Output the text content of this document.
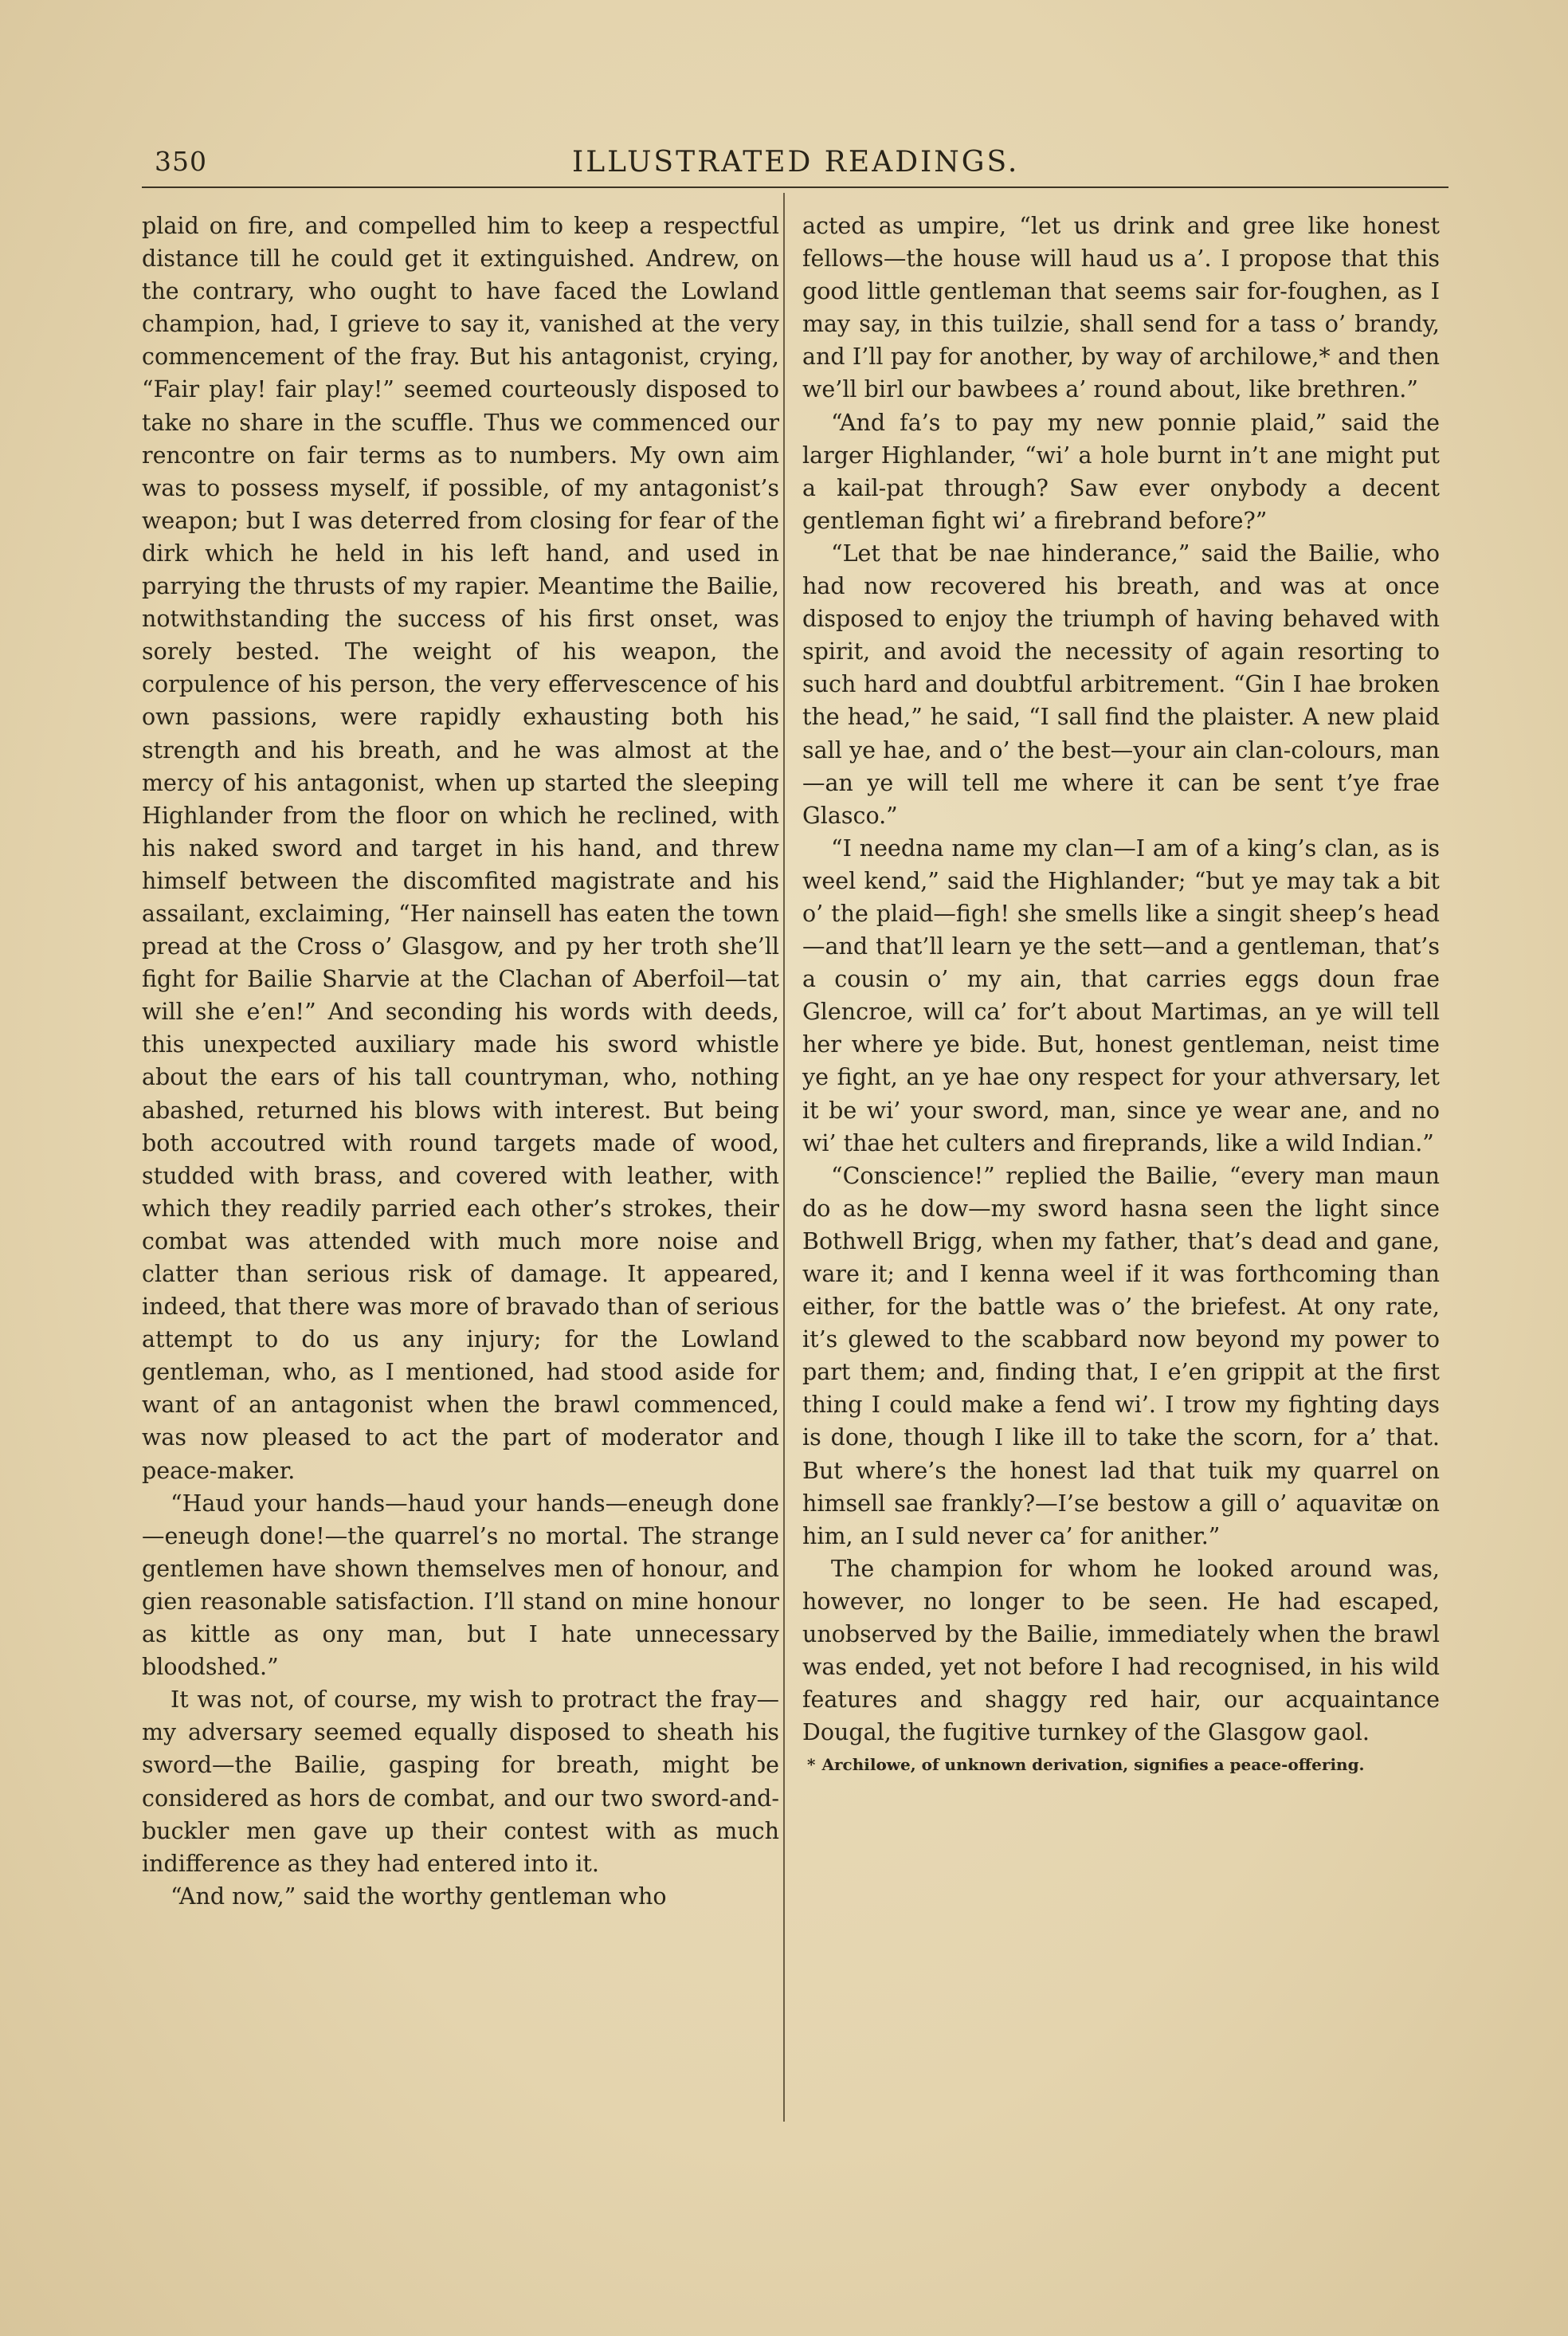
350	ILLUSTRATED READINGS.

plaid on fire, and compelled him to keep a respectful distance till he could get it extinguished. Andrew, on the contrary, who ought to have faced the Lowland champion, had, I grieve to say it, vanished at the very commencement of the fray. But his antagonist, crying, “Fair play! fair play!” seemed courteously disposed to take no share in the scuffle. Thus we commenced our rencontre on fair terms as to numbers. My own aim was to possess myself, if possible, of my antagonist’s weapon; but I was deterred from closing for fear of the dirk which he held in his left hand, and used in parrying the thrusts of my rapier. Meantime the Bailie, notwithstanding the success of his first onset, was sorely bested. The weight of his weapon, the corpulence of his person, the very effervescence of his own passions, were rapidly exhausting both his strength and his breath, and he was almost at the mercy of his antagonist, when up started the sleeping Highlander from the floor on which he reclined, with his naked sword and target in his hand, and threw himself between the discomfited magistrate and his assailant, exclaiming, “Her nainsell has eaten the town pread at the Cross o’ Glasgow, and py her troth she’ll fight for Bailie Sharvie at the Clachan of Aberfoil—tat will she e’en!” And seconding his words with deeds, this unexpected auxiliary made his sword whistle about the ears of his tall countryman, who, nothing abashed, returned his blows with interest. But being both accoutred with round targets made of wood, studded with brass, and covered with leather, with which they readily parried each other’s strokes, their combat was attended with much more noise and clatter than serious risk of damage. It appeared, indeed, that there was more of bravado than of serious attempt to do us any injury; for the Lowland gentleman, who, as I mentioned, had stood aside for want of an antagonist when the brawl commenced, was now pleased to act the part of moderator and peace-maker.

“Haud your hands—haud your hands—eneugh done—eneugh done!—the quarrel’s no mortal. The strange gentlemen have shown themselves men of honour, and gien reasonable satisfaction. I’ll stand on mine honour as kittle as ony man, but I hate unnecessary bloodshed.”

It was not, of course, my wish to protract the fray—my adversary seemed equally disposed to sheath his sword—the Bailie, gasping for breath, might be considered as hors de combat, and our two sword-and-buckler men gave up their contest with as much indifference as they had entered into it.

“And now,” said the worthy gentleman who

acted as umpire, “let us drink and gree like honest fellows—the house will haud us a’. I propose that this good little gentleman that seems sair for-foughen, as I may say, in this tuilzie, shall send for a tass o’ brandy, and I’ll pay for another, by way of archilowe,* and then we’ll birl our bawbees a’ round about, like brethren.”

“And fa’s to pay my new ponnie plaid,” said the larger Highlander, “wi’ a hole burnt in’t ane might put a kail-pat through? Saw ever onybody a decent gentleman fight wi’ a firebrand before?”

“Let that be nae hinderance,” said the Bailie, who had now recovered his breath, and was at once disposed to enjoy the triumph of having behaved with spirit, and avoid the necessity of again resorting to such hard and doubtful arbitrement. “Gin I hae broken the head,” he said, “I sall find the plaister. A new plaid sall ye hae, and o’ the best—your ain clan-colours, man—an ye will tell me where it can be sent t’ye frae Glasco.”

“I needna name my clan—I am of a king’s clan, as is weel kend,” said the Highlander; “but ye may tak a bit o’ the plaid—figh! she smells like a singit sheep’s head—and that’ll learn ye the sett—and a gentleman, that’s a cousin o’ my ain, that carries eggs doun frae Glencroe, will ca’ for’t about Martimas, an ye will tell her where ye bide. But, honest gentleman, neist time ye fight, an ye hae ony respect for your athversary, let it be wi’ your sword, man, since ye wear ane, and no wi’ thae het culters and fireprands, like a wild Indian.”

“Conscience!” replied the Bailie, “every man maun do as he dow—my sword hasna seen the light since Bothwell Brigg, when my father, that’s dead and gane, ware it; and I kenna weel if it was forthcoming than either, for the battle was o’ the briefest. At ony rate, it’s glewed to the scabbard now beyond my power to part them; and, finding that, I e’en grippit at the first thing I could make a fend wi’. I trow my fighting days is done, though I like ill to take the scorn, for a’ that. But where’s the honest lad that tuik my quarrel on himsell sae frankly?—I’se bestow a gill o’ aquavitæ on him, an I suld never ca’ for anither.”

The champion for whom he looked around was, however, no longer to be seen. He had escaped, unobserved by the Bailie, immediately when the brawl was ended, yet not before I had recognised, in his wild features and shaggy red hair, our acquaintance Dougal, the fugitive turnkey of the Glasgow gaol.

* Archilowe, of unknown derivation, signifies a peace-offering.
